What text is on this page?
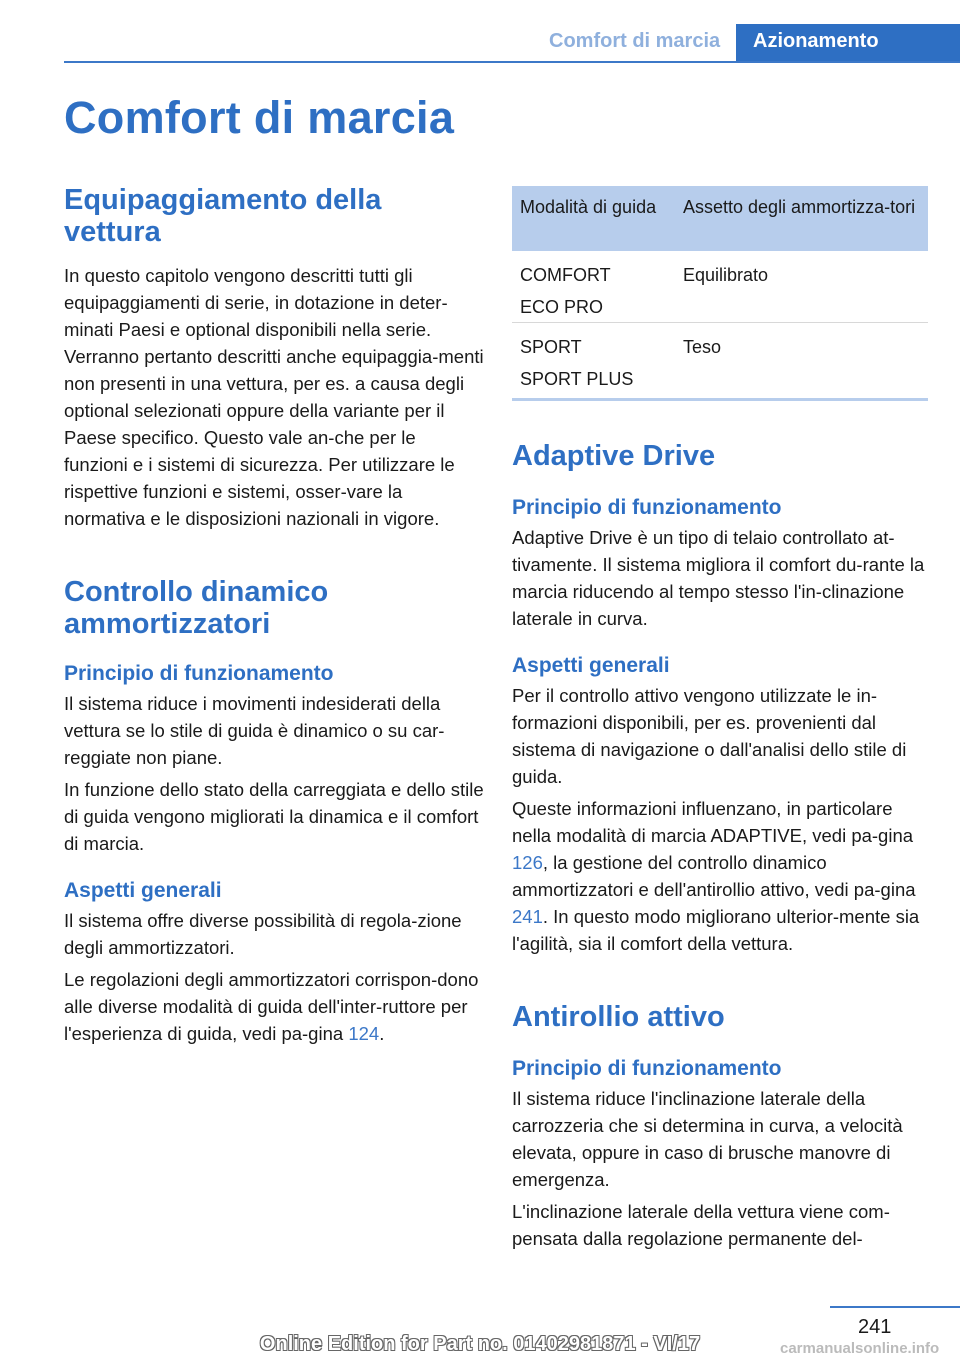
Comfort di marcia Azionamento
Comfort di marcia
Equipaggiamento della vettura

In questo capitolo vengono descritti tutti gli equipaggiamenti di serie, in dotazione in deter-minati Paesi e optional disponibili nella serie. Verranno pertanto descritti anche equipaggia-menti non presenti in una vettura, per es. a causa degli optional selezionati oppure della variante per il Paese specifico. Questo vale an-che per le funzioni e i sistemi di sicurezza. Per utilizzare le rispettive funzioni e sistemi, osser-vare la normativa e le disposizioni nazionali in vigore.

Controllo dinamico ammortizzatori
Principio di funzionamento

Il sistema riduce i movimenti indesiderati della vettura se lo stile di guida è dinamico o su car-reggiate non piane.

In funzione dello stato della carreggiata e dello stile di guida vengono migliorati la dinamica e il comfort di marcia.

Aspetti generali

Il sistema offre diverse possibilità di regola-zione degli ammortizzatori.

Le regolazioni degli ammortizzatori corrispon-dono alle diverse modalità di guida dell'inter-ruttore per l'esperienza di guida, vedi pa-gina 124.

Modalità di guida	Assetto degli ammortizza-tori
COMFORT
ECO PRO
Equilibrato
SPORT
SPORT PLUS
Teso
Adaptive Drive
Principio di funzionamento

Adaptive Drive è un tipo di telaio controllato at-tivamente. Il sistema migliora il comfort du-rante la marcia riducendo al tempo stesso l'in-clinazione laterale in curva.

Aspetti generali

Per il controllo attivo vengono utilizzate le in-formazioni disponibili, per es. provenienti dal sistema di navigazione o dall'analisi dello stile di guida.

Queste informazioni influenzano, in particolare nella modalità di marcia ADAPTIVE, vedi pa-gina 126, la gestione del controllo dinamico ammortizzatori e dell'antirollio attivo, vedi pa-gina 241. In questo modo migliorano ulterior-mente sia l'agilità, sia il comfort della vettura.

Antirollio attivo
Principio di funzionamento

Il sistema riduce l'inclinazione laterale della carrozzeria che si determina in curva, a velocità elevata, oppure in caso di brusche manovre di emergenza.

L'inclinazione laterale della vettura viene com-pensata dalla regolazione permanente del-

241
Online Edition for Part no. 01402981871 - VI/17	carmanualsonline.info
